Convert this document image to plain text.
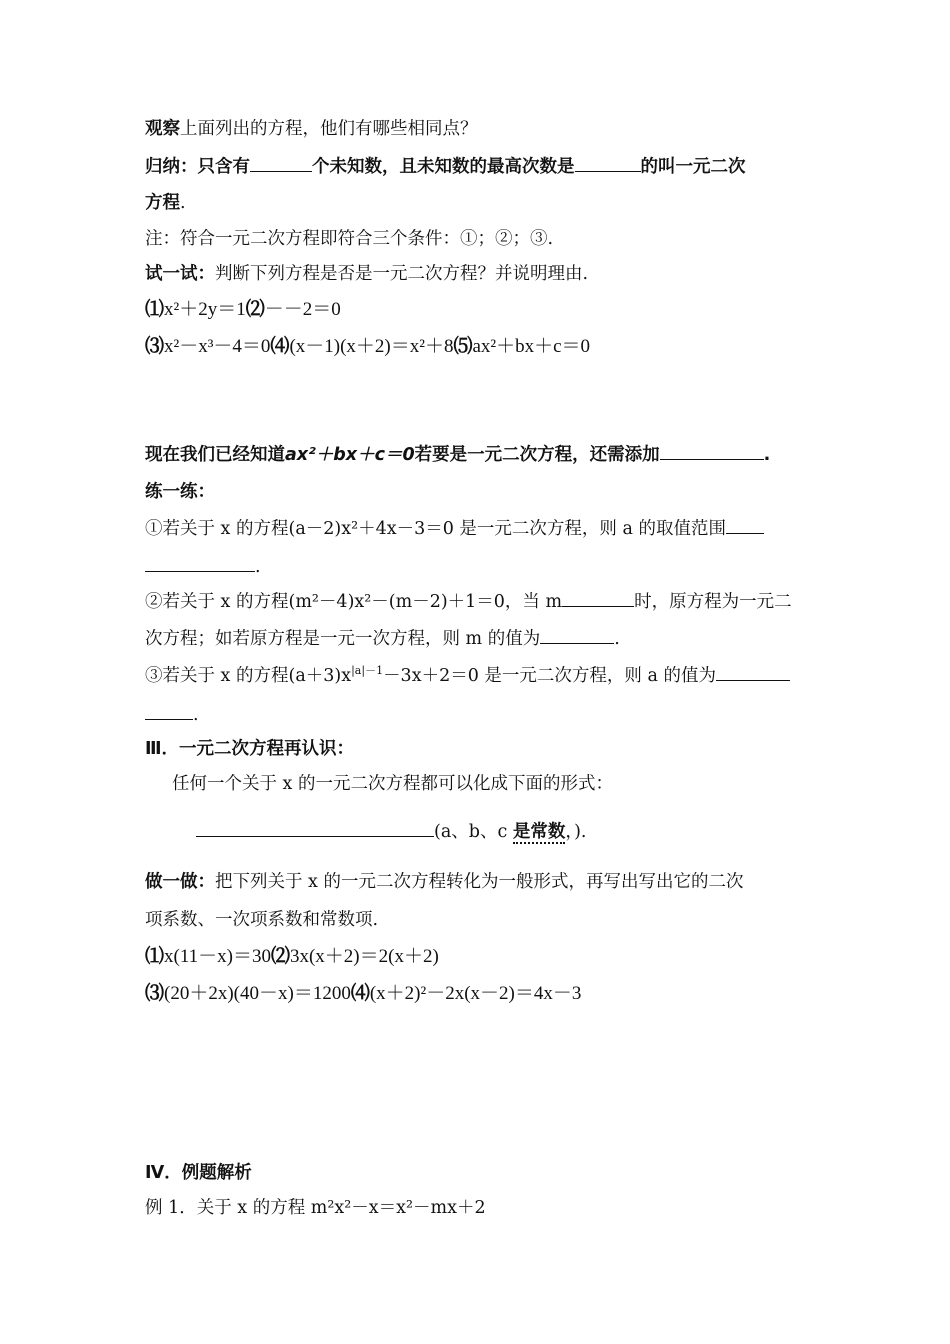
观察上面列出的方程，他们有哪些相同点？
归纳：只含有	个未知数，且未知数的最高次数是	的叫一元二次
方程.
注：符合一元二次方程即符合三个条件：①；②；③.
试一试：判断下列方程是否是一元二次方程？并说明理由.
⑴x²＋2y＝1⑵－－2＝0
⑶x²－x³－4＝0⑷(x－1)(x＋2)＝x²＋8⑸ax²＋bx＋c＝0
现在我们已经知道ax²＋bx＋c＝0若要是一元二次方程，还需添加	.
练一练：
①若关于 x 的方程(a－2)x²＋4x－3＝0 是一元二次方程，则 a 的取值范围
.
②若关于 x 的方程(m²－4)x²－(m－2)＋1＝0，当 m	时，原方程为一元二
次方程；如若原方程是一元一次方程，则 m 的值为	.
③若关于 x 的方程$(a+3)x^{|a|-1}-3x+2=0$ 是一元二次方程，则 a 的值为
.
Ⅲ．一元二次方程再认识：
任何一个关于 x 的一元二次方程都可以化成下面的形式：
(a、b、c 是常数，).
做一做：把下列关于 x 的一元二次方程转化为一般形式，再写出写出它的二次
项系数、一次项系数和常数项.
⑴x(11－x)＝30⑵3x(x＋2)＝2(x＋2)
⑶(20＋2x)(40－x)＝1200⑷(x＋2)²－2x(x－2)＝4x－3
Ⅳ．例题解析
例 1．关于 x 的方程 m²x²－x＝x²－mx＋2
